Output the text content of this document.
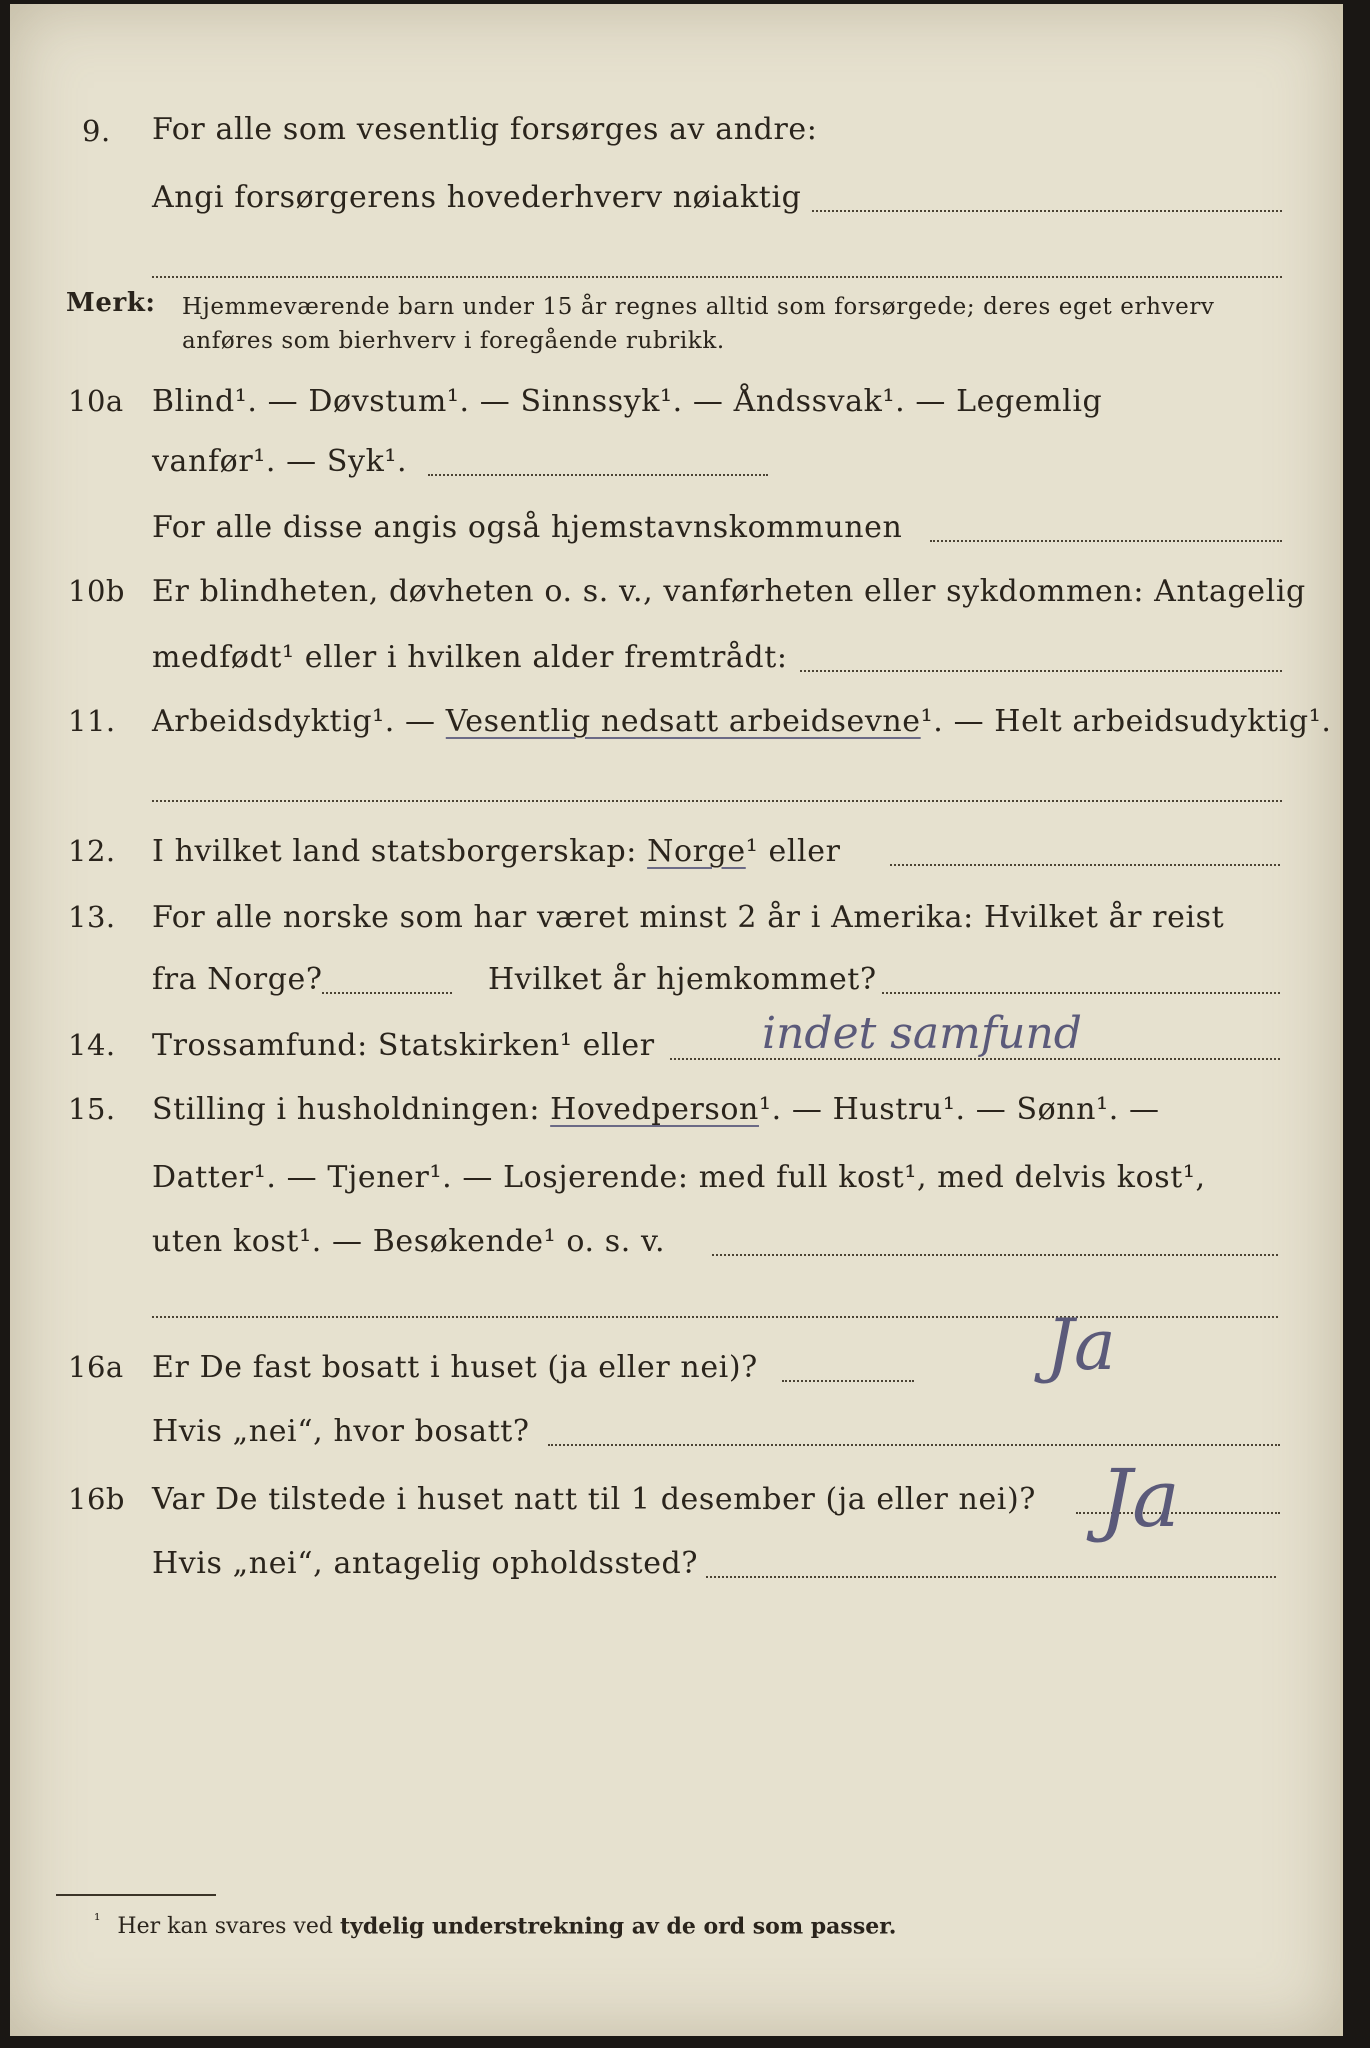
9. For alle som vesentlig forsørges av andre:
Angi forsørgerens hovederhverv nøiaktig
Merk: Hjemmeværende barn under 15 år regnes alltid som forsørgede; deres eget erhverv
anføres som bierhverv i foregående rubrikk.
10a Blind¹. — Døvstum¹. — Sinnssyk¹. — Åndssvak¹. — Legemlig
vanfør¹. — Syk¹.
For alle disse angis også hjemstavnskommunen
10b Er blindheten, døvheten o. s. v., vanførheten eller sykdommen: Antagelig
medfødt¹ eller i hvilken alder fremtrådt:
11. Arbeidsdyktig¹. — Vesentlig nedsatt arbeidsevne¹. — Helt arbeidsudyktig¹.
12. I hvilket land statsborgerskap: Norge¹ eller
13. For alle norske som har været minst 2 år i Amerika: Hvilket år reist
fra Norge?	Hvilket år hjemkommet?
14. Trossamfund: Statskirken¹ eller indet samfund
15. Stilling i husholdningen: Hovedperson¹. — Hustru¹. — Sønn¹. —
Datter¹. — Tjener¹. — Losjerende: med full kost¹, med delvis kost¹,
uten kost¹. — Besøkende¹ o. s. v.
16a Er De fast bosatt i huset (ja eller nei)?	Ja
Hvis „nei“, hvor bosatt?
16b Var De tilstede i huset natt til 1 desember (ja eller nei)? Ja
Hvis „nei“, antagelig opholdssted?
$^{^1}$ Her kan svares ved tydelig understrekning av de ord som passer.
